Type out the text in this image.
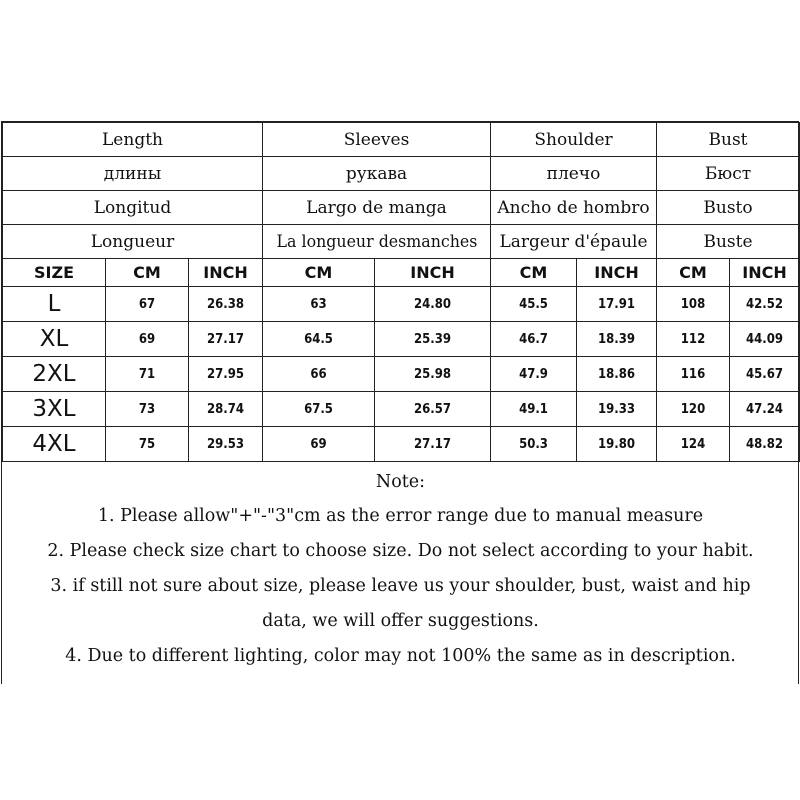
Length			Sleeves		Shoulder		Bust	
длины			рукава		плечо		Бюст	
Longitud			Largo de manga		Ancho de hombro		Busto	
Longueur			La longueur desmanches		Largeur d'épaule		Buste	
SIZE	CM	INCH	CM	INCH	CM	INCH	CM	INCH
L	67	26.38	63	24.80	45.5	17.91	108	42.52
XL	69	27.17	64.5	25.39	46.7	18.39	112	44.09
2XL	71	27.95	66	25.98	47.9	18.86	116	45.67
3XL	73	28.74	67.5	26.57	49.1	19.33	120	47.24
4XL	75	29.53	69	27.17	50.3	19.80	124	48.82
Note:
1. Please allow"+"-"3"cm as the error range due to manual measure
2. Please check size chart to choose size. Do not select according to your habit.
3. if still not sure about size, please leave us your shoulder, bust, waist and hip
data, we will offer suggestions.
4. Due to different lighting, color may not 100% the same as in description.
